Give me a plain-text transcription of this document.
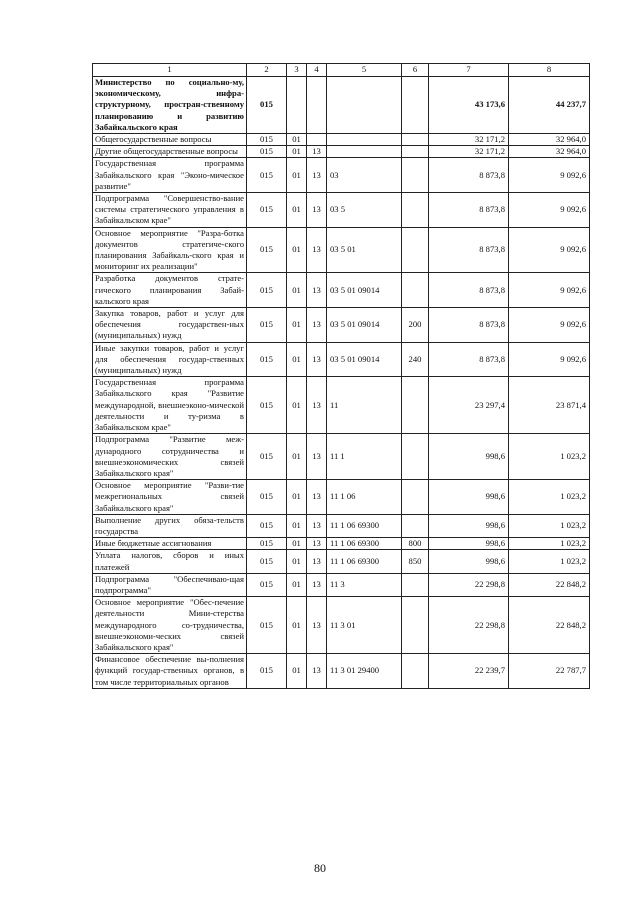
1	2	3	4	5	6	7	8
Министерство по социально-му, экономическому, инфра-структурному, простран-ственному планированию и развитию Забайкальского края	015					43 173,6	44 237,7
Общегосударственные вопросы	015	01				32 171,2	32 964,0
Другие общегосударственные вопросы	015	01	13			32 171,2	32 964,0
Государственная программа Забайкальского края "Эконо-мическое развитие"	015	01	13	03		8 873,8	9 092,6
Подпрограмма "Совершенство-вание системы стратегического управления в Забайкальском крае"	015	01	13	03 5		8 873,8	9 092,6
Основное мероприятие "Разра-ботка документов стратегиче-ского планирования Забайкаль-ского края и мониторинг их реализации"	015	01	13	03 5 01		8 873,8	9 092,6
Разработка документов страте-гического планирования Забай-кальского края	015	01	13	03 5 01 09014		8 873,8	9 092,6
Закупка товаров, работ и услуг для обеспечения государствен-ных (муниципальных) нужд	015	01	13	03 5 01 09014	200	8 873,8	9 092,6
Иные закупки товаров, работ и услуг для обеспечения государ-ственных (муниципальных) нужд	015	01	13	03 5 01 09014	240	8 873,8	9 092,6
Государственная программа Забайкальского края "Развитие международной, внешнеэконо-мической деятельности и ту-ризма в Забайкальском крае"	015	01	13	11		23 297,4	23 871,4
Подпрограмма "Развитие меж-дународного сотрудничества и внешнеэкономических связей Забайкальского края"	015	01	13	11 1		998,6	1 023,2
Основное мероприятие "Разви-тие межрегиональных связей Забайкальского края"	015	01	13	11 1 06		998,6	1 023,2
Выполнение других обяза-тельств государства	015	01	13	11 1 06 69300		998,6	1 023,2
Иные бюджетные ассигнования	015	01	13	11 1 06 69300	800	998,6	1 023,2
Уплата налогов, сборов и иных платежей	015	01	13	11 1 06 69300	850	998,6	1 023,2
Подпрограмма "Обеспечиваю-щая подпрограмма"	015	01	13	11 3		22 298,8	22 848,2
Основное мероприятие "Обес-печение деятельности Мини-стерства международного со-трудничества, внешнеэкономи-ческих связей Забайкальского края"	015	01	13	11 3 01		22 298,8	22 848,2
Финансовое обеспечение вы-полнения функций государ-ственных органов, в том числе территориальных органов	015	01	13	11 3 01 29400		22 239,7	22 787,7
80
